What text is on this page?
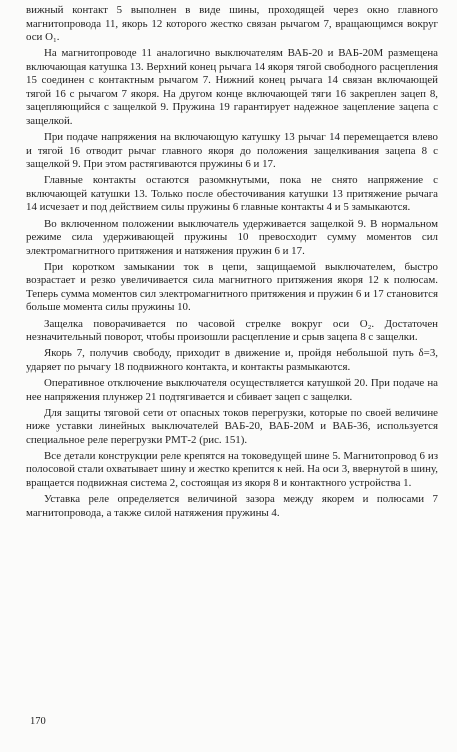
вижный контакт 5 выполнен в виде шины, проходящей через окно главного магнитопровода 11, якорь 12 которого жестко связан рычагом 7, вращающимся вокруг оси O₁.

На магнитопроводе 11 аналогично выключателям ВАБ-20 и ВАБ-20М размещена включающая катушка 13. Верхний конец рычага 14 якоря тягой свободного расцепления 15 соединен с контактным рычагом 7. Нижний конец рычага 14 связан включающей тягой 16 с рычагом 7 якоря. На другом конце включающей тяги 16 закреплен зацеп 8, зацепляющийся с защелкой 9. Пружина 19 гарантирует надежное зацепление зацепа с защелкой.

При подаче напряжения на включающую катушку 13 рычаг 14 перемещается влево и тягой 16 отводит рычаг главного якоря до положения защелкивания зацепа 8 с защелкой 9. При этом растягиваются пружины 6 и 17.

Главные контакты остаются разомкнутыми, пока не снято напряжение с включающей катушки 13. Только после обесточивания катушки 13 притяжение рычага 14 исчезает и под действием силы пружины 6 главные контакты 4 и 5 замыкаются.

Во включенном положении выключатель удерживается защелкой 9. В нормальном режиме сила удерживающей пружины 10 превосходит сумму моментов сил электромагнитного притяжения и натяжения пружин 6 и 17.

При коротком замыкании ток в цепи, защищаемой выключателем, быстро возрастает и резко увеличивается сила магнитного притяжения якоря 12 к полюсам. Теперь сумма моментов сил электромагнитного притяжения и пружин 6 и 17 становится больше момента силы пружины 10.

Защелка поворачивается по часовой стрелке вокруг оси O₂. Достаточен незначительный поворот, чтобы произошли расцепление и срыв зацепа 8 с защелки.

Якорь 7, получив свободу, приходит в движение и, пройдя небольшой путь δ=3, ударяет по рычагу 18 подвижного контакта, и контакты размыкаются.

Оперативное отключение выключателя осуществляется катушкой 20. При подаче на нее напряжения плунжер 21 подтягивается и сбивает зацеп с защелки.

Для защиты тяговой сети от опасных токов перегрузки, которые по своей величине ниже уставки линейных выключателей ВАБ-20, ВАБ-20М и ВАБ-36, используется специальное реле перегрузки РМТ-2 (рис. 151).

Все детали конструкции реле крепятся на токоведущей шине 5. Магнитопровод 6 из полосовой стали охватывает шину и жестко крепится к ней. На оси 3, ввернутой в шину, вращается подвижная система 2, состоящая из якоря 8 и контактного устройства 1.

Уставка реле определяется величиной зазора между якорем и полюсами 7 магнитопровода, а также силой натяжения пружины 4.

170
